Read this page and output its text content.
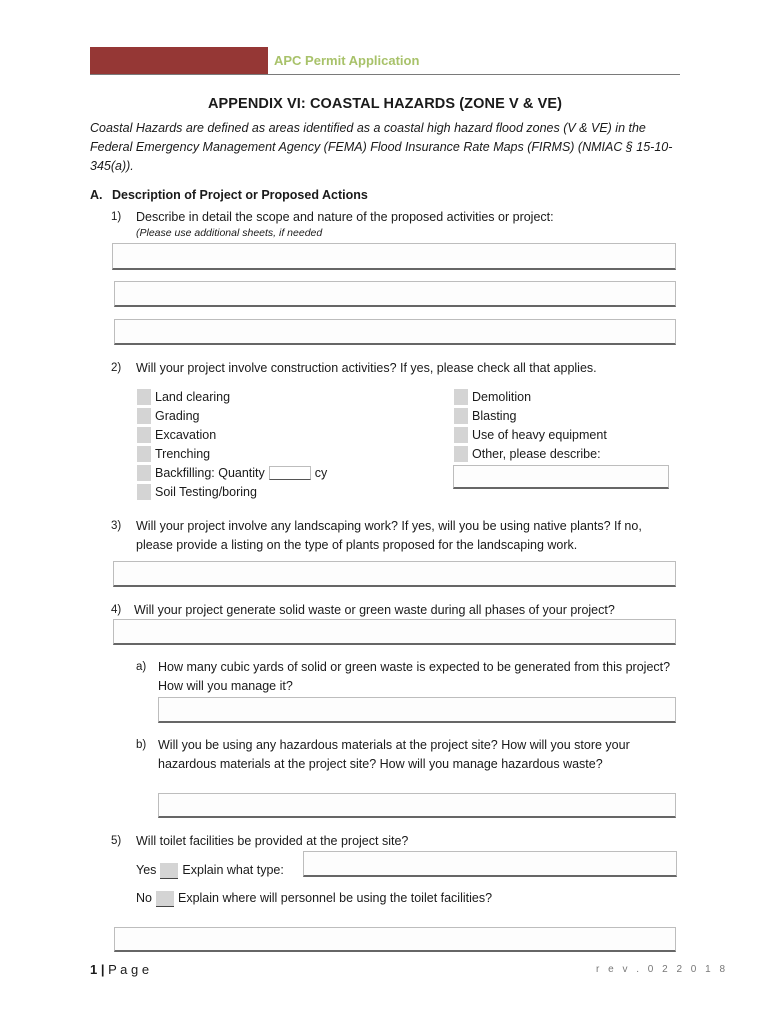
APC Permit Application
APPENDIX VI: COASTAL HAZARDS (ZONE V & VE)
Coastal Hazards are defined as areas identified as a coastal high hazard flood zones (V & VE) in the Federal Emergency Management Agency (FEMA) Flood Insurance Rate Maps (FIRMS) (NMIAC § 15-10-345(a)).
A. Description of Project or Proposed Actions
1)	Describe in detail the scope and nature of the proposed activities or project:
(Please use additional sheets, if needed
2)	Will your project involve construction activities? If yes, please check all that applies.
Land clearing
Grading
Excavation
Trenching
Backfilling: Quantity	cy
Soil Testing/boring
Demolition
Blasting
Use of heavy equipment
Other, please describe:
3)	Will your project involve any landscaping work? If yes, will you be using native plants? If no, please provide a listing on the type of plants proposed for the landscaping work.
4)	Will your project generate solid waste or green waste during all phases of your project?
a) How many cubic yards of solid or green waste is expected to be generated from this project? How will you manage it?
b) Will you be using any hazardous materials at the project site? How will you store your hazardous materials at the project site? How will you manage hazardous waste?
5)	Will toilet facilities be provided at the project site?
Yes Explain what type:
No Explain where will personnel be using the toilet facilities?
1 | P a g e	r e v . 0 2 2 0 1 8
